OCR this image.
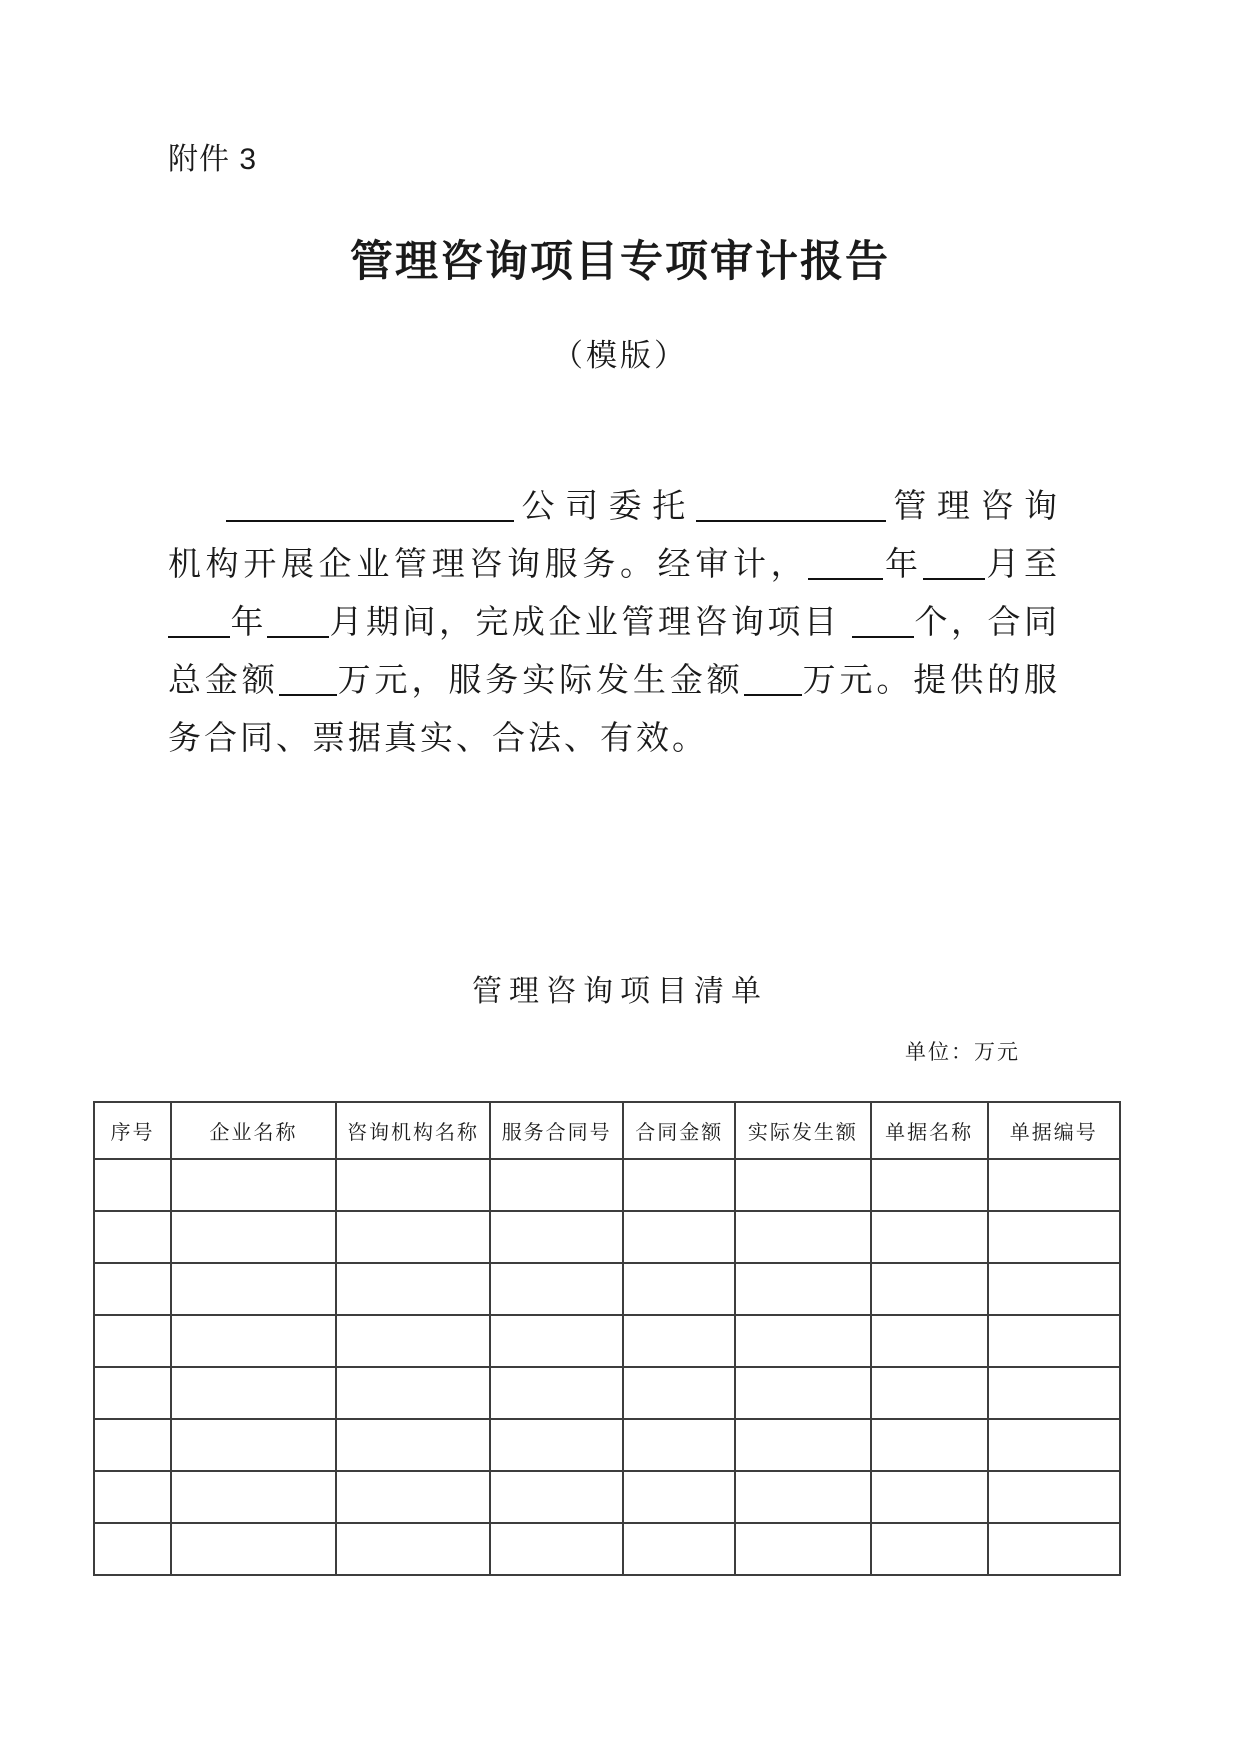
附件 3
管理咨询项目专项审计报告
（模版）
公司委托	管理咨询
机构开展企业管理咨询服务。经审计， 年 月至
年 月期间，完成企业管理咨询项目 个，合同
总金额 万元，服务实际发生金额 万元。提供的服
务合同、票据真实、合法、有效。
管理咨询项目清单
单位：万元
序号	企业名称	咨询机构名称	服务合同号	合同金额	实际发生额	单据名称	单据编号
